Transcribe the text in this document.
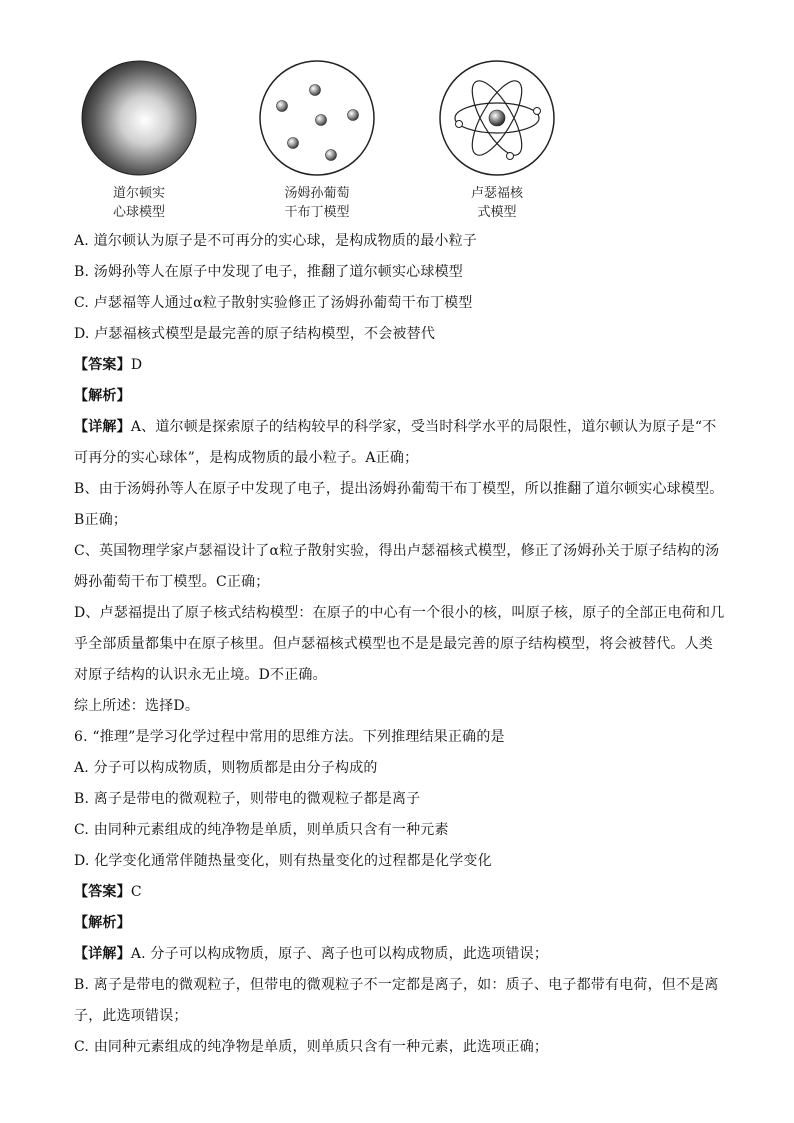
道尔顿实
心球模型
汤姆孙葡萄
干布丁模型
卢瑟福核
式模型
A. 道尔顿认为原子是不可再分的实心球，是构成物质的最小粒子
B. 汤姆孙等人在原子中发现了电子，推翻了道尔顿实心球模型
C. 卢瑟福等人通过α粒子散射实验修正了汤姆孙葡萄干布丁模型
D. 卢瑟福核式模型是最完善的原子结构模型，不会被替代
【答案】D
【解析】
【详解】A、道尔顿是探索原子的结构较早的科学家，受当时科学水平的局限性，道尔顿认为原子是“不
可再分的实心球体”，是构成物质的最小粒子。A正确；
B、由于汤姆孙等人在原子中发现了电子，提出汤姆孙葡萄干布丁模型，所以推翻了道尔顿实心球模型。
B正确；
C、英国物理学家卢瑟福设计了α粒子散射实验，得出卢瑟福核式模型，修正了汤姆孙关于原子结构的汤
姆孙葡萄干布丁模型。C正确；
D、卢瑟福提出了原子核式结构模型：在原子的中心有一个很小的核，叫原子核，原子的全部正电荷和几
乎全部质量都集中在原子核里。但卢瑟福核式模型也不是是最完善的原子结构模型，将会被替代。人类
对原子结构的认识永无止境。D不正确。
综上所述：选择D。
6. “推理”是学习化学过程中常用的思维方法。下列推理结果正确的是
A. 分子可以构成物质，则物质都是由分子构成的
B. 离子是带电的微观粒子，则带电的微观粒子都是离子
C. 由同种元素组成的纯净物是单质，则单质只含有一种元素
D. 化学变化通常伴随热量变化，则有热量变化的过程都是化学变化
【答案】C
【解析】
【详解】A. 分子可以构成物质，原子、离子也可以构成物质，此选项错误；
B. 离子是带电的微观粒子，但带电的微观粒子不一定都是离子，如：质子、电子都带有电荷，但不是离
子，此选项错误；
C. 由同种元素组成的纯净物是单质，则单质只含有一种元素，此选项正确；
